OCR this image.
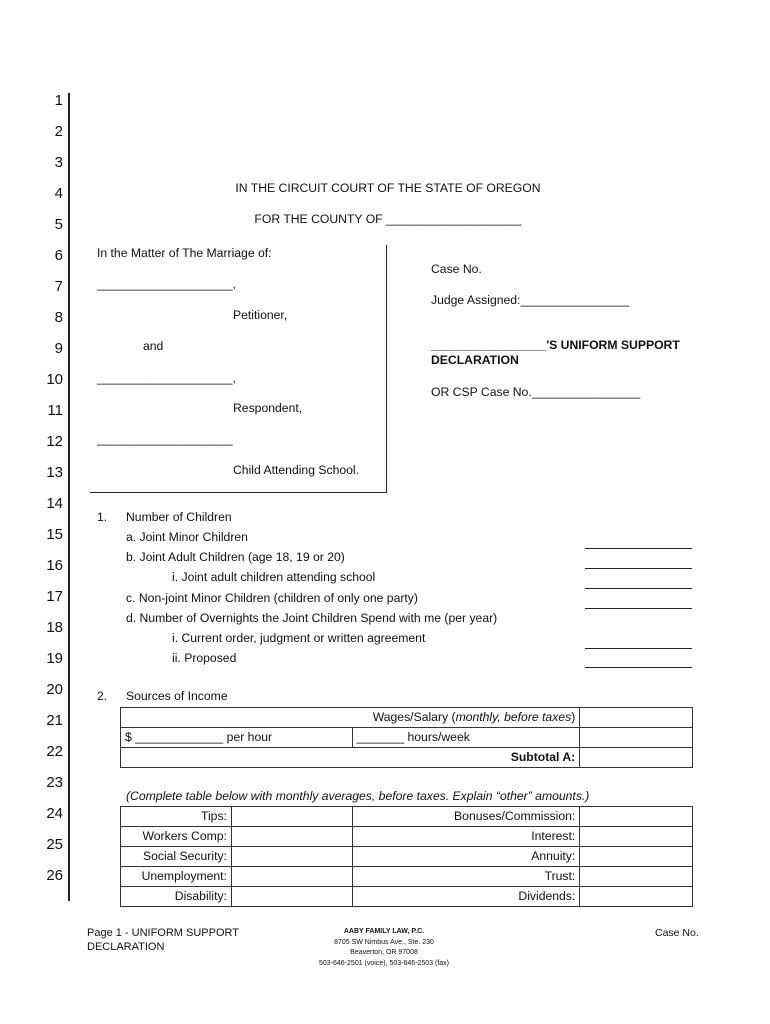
1
2
3
4
5
6
7
8
9
10
11
12
13
14
15
16
17
18
19
20
21
22
23
24
25
26
IN THE CIRCUIT COURT OF THE STATE OF OREGON
FOR THE COUNTY OF ____________________
In the Matter of The Marriage of:
____________________,
Petitioner,
and
____________________,
Respondent,
____________________
Child Attending School.
Case No.
Judge Assigned:________________
_________________'S UNIFORM SUPPORT
DECLARATION
OR CSP Case No.________________
1. Number of Children
a. Joint Minor Children
b. Joint Adult Children (age 18, 19 or 20)
i. Joint adult children attending school
c. Non-joint Minor Children (children of only one party)
d. Number of Overnights the Joint Children Spend with me (per year)
i. Current order, judgment or written agreement
ii. Proposed
2. Sources of Income
Wages/Salary (monthly, before taxes)		
$ _____________ per hour	_______ hours/week	
Subtotal A:		
(Complete table below with monthly averages, before taxes. Explain “other” amounts.)
Tips:		Bonuses/Commission:	
Workers Comp:		Interest:	
Social Security:		Annuity:	
Unemployment:		Trust:	
Disability:		Dividends:	
Page 1 - UNIFORM SUPPORT
DECLARATION
AABY FAMILY LAW, P.C.
8705 SW Nimbus Ave., Ste. 230
Beaverton, OR 97008
503-646-2501 (voice), 503-646-2503 (fax)
Case No.
